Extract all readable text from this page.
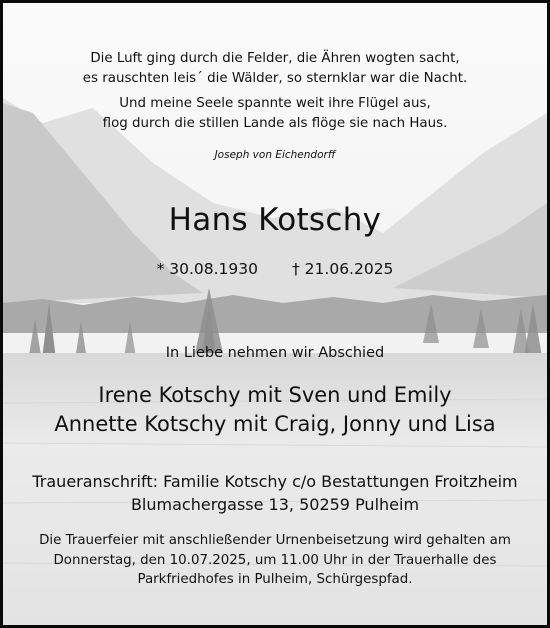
Die Luft ging durch die Felder, die Ähren wogten sacht,
es rauschten leis´ die Wälder, so sternklar war die Nacht.
Und meine Seele spannte weit ihre Flügel aus,
flog durch die stillen Lande als flöge sie nach Haus.
Joseph von Eichendorff
Hans Kotschy
* 30.08.1930 † 21.06.2025
In Liebe nehmen wir Abschied
Irene Kotschy mit Sven und Emily
Annette Kotschy mit Craig, Jonny und Lisa
Traueranschrift: Familie Kotschy c/o Bestattungen Froitzheim
Blumachergasse 13, 50259 Pulheim
Die Trauerfeier mit anschließender Urnenbeisetzung wird gehalten am
Donnerstag, den 10.07.2025, um 11.00 Uhr in der Trauerhalle des
Parkfriedhofes in Pulheim, Schürgespfad.
